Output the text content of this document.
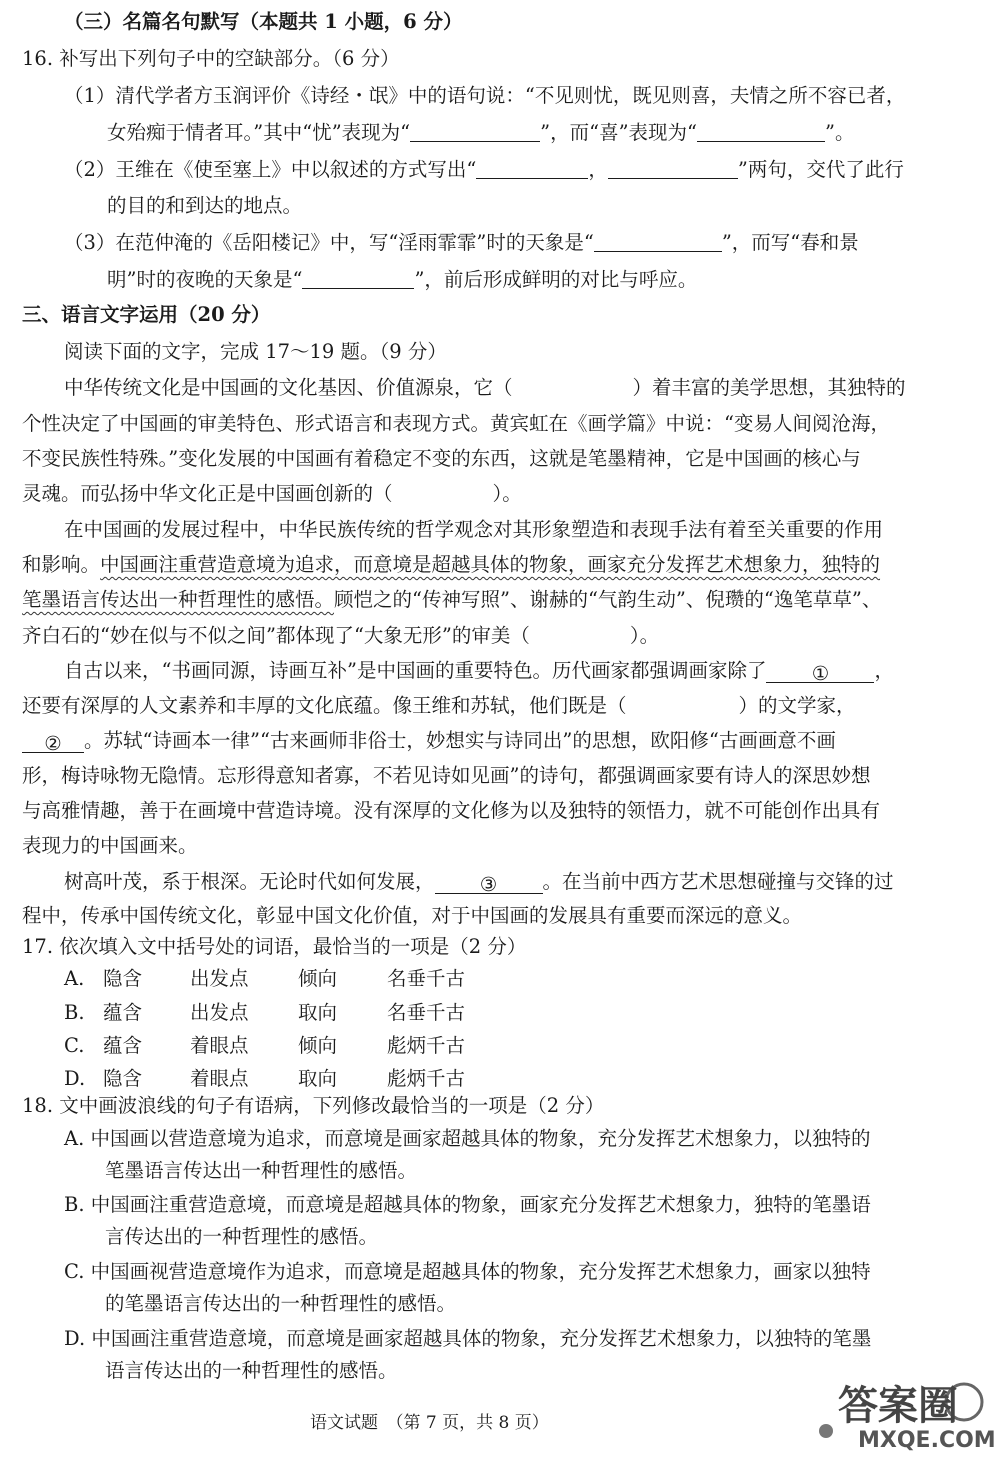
（三）名篇名句默写（本题共 1 小题，6 分）
16. 补写出下列句子中的空缺部分。（6 分）
（1）清代学者方玉润评价《诗经・氓》中的语句说：“不见则忧，既见则喜，夫情之所不容已者，
女殆痴于情者耳。”其中“忧”表现为“	”，而“喜”表现为“	”。
（2）王维在《使至塞上》中以叙述的方式写出“	，	”两句，交代了此行
的目的和到达的地点。
（3）在范仲淹的《岳阳楼记》中，写“淫雨霏霏”时的天象是“	”，而写“春和景
明”时的夜晚的天象是“	”，前后形成鲜明的对比与呼应。
三、语言文字运用（20 分）
阅读下面的文字，完成 17～19 题。（9 分）
中华传统文化是中国画的文化基因、价值源泉，它（	）着丰富的美学思想，其独特的
个性决定了中国画的审美特色、形式语言和表现方式。黄宾虹在《画学篇》中说：“变易人间阅沧海，
不变民族性特殊。”变化发展的中国画有着稳定不变的东西，这就是笔墨精神，它是中国画的核心与
灵魂。而弘扬中华文化正是中国画创新的（	）。
在中国画的发展过程中，中华民族传统的哲学观念对其形象塑造和表现手法有着至关重要的作用
和影响。中国画注重营造意境为追求，而意境是超越具体的物象，画家充分发挥艺术想象力，独特的
笔墨语言传达出一种哲理性的感悟。顾恺之的“传神写照”、谢赫的“气韵生动”、倪瓒的“逸笔草草”、
齐白石的“妙在似与不似之间”都体现了“大象无形”的审美（	）。
自古以来，“书画同源，诗画互补”是中国画的重要特色。历代画家都强调画家除了 ① ，
还要有深厚的人文素养和丰厚的文化底蕴。像王维和苏轼，他们既是（	）的文学家，
② 。苏轼“诗画本一律”“古来画师非俗士，妙想实与诗同出”的思想，欧阳修“古画画意不画
形，梅诗咏物无隐情。忘形得意知者寡，不若见诗如见画”的诗句，都强调画家要有诗人的深思妙想
与高雅情趣，善于在画境中营造诗境。没有深厚的文化修为以及独特的领悟力，就不可能创作出具有
表现力的中国画来。
树高叶茂，系于根深。无论时代如何发展， ③ 。在当前中西方艺术思想碰撞与交锋的过
程中，传承中国传统文化，彰显中国文化价值，对于中国画的发展具有重要而深远的意义。
17. 依次填入文中括号处的词语，最恰当的一项是（2 分）
A. 隐含 出发点	倾向	名垂千古
B. 蕴含 出发点	取向	名垂千古
C. 蕴含 着眼点	倾向	彪炳千古
D. 隐含 着眼点	取向	彪炳千古
18. 文中画波浪线的句子有语病，下列修改最恰当的一项是（2 分）
A. 中国画以营造意境为追求，而意境是画家超越具体的物象，充分发挥艺术想象力，以独特的
笔墨语言传达出一种哲理性的感悟。
B. 中国画注重营造意境，而意境是超越具体的物象，画家充分发挥艺术想象力，独特的笔墨语
言传达出的一种哲理性的感悟。
C. 中国画视营造意境作为追求，而意境是超越具体的物象，充分发挥艺术想象力，画家以独特
的笔墨语言传达出的一种哲理性的感悟。
D. 中国画注重营造意境，而意境是画家超越具体的物象，充分发挥艺术想象力，以独特的笔墨
语言传达出的一种哲理性的感悟。
语文试题　（第 7 页，共 8 页）	答案圈
MXQE.COM
